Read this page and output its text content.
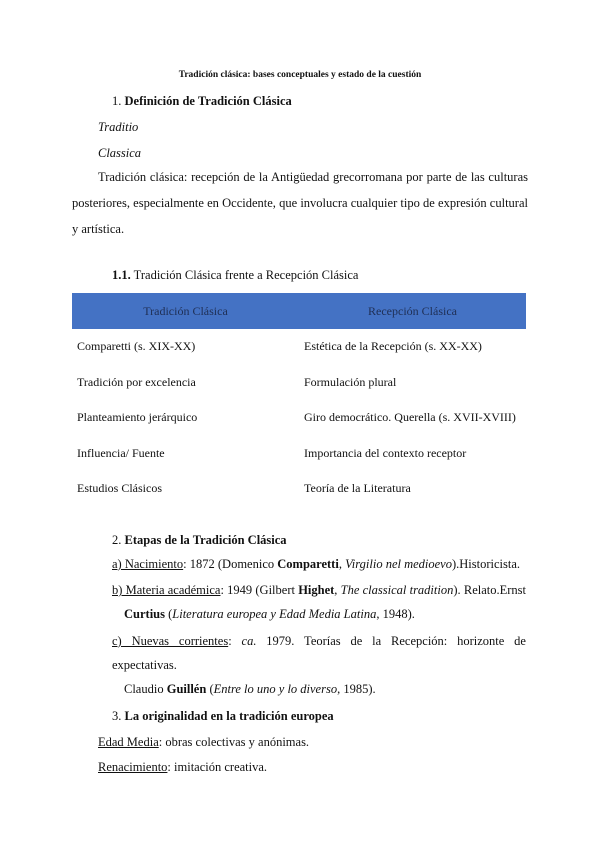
Tradición clásica: bases conceptuales y estado de la cuestión
1. Definición de Tradición Clásica
Traditio
Classica
Tradición clásica: recepción de la Antigüedad grecorromana por parte de las culturas posteriores, especialmente en Occidente, que involucra cualquier tipo de expresión cultural y artística.
1.1. Tradición Clásica frente a Recepción Clásica
Tradición Clásica	Recepción Clásica
Comparetti (s. XIX-XX)	Estética de la Recepción (s. XX-XX)
Tradición por excelencia	Formulación plural
Planteamiento jerárquico	Giro democrático. Querella (s. XVII-XVIII)
Influencia/ Fuente	Importancia del contexto receptor
Estudios Clásicos	Teoría de la Literatura
2. Etapas de la Tradición Clásica
a) Nacimiento: 1872 (Domenico Comparetti, Virgilio nel medioevo).Historicista.
b) Materia académica: 1949 (Gilbert Highet, The classical tradition). Relato.Ernst
Curtius (Literatura europea y Edad Media Latina, 1948).
c) Nuevas corrientes: ca. 1979. Teorías de la Recepción: horizonte de expectativas.
Claudio Guillén (Entre lo uno y lo diverso, 1985).
3. La originalidad en la tradición europea
Edad Media: obras colectivas y anónimas.
Renacimiento: imitación creativa.
